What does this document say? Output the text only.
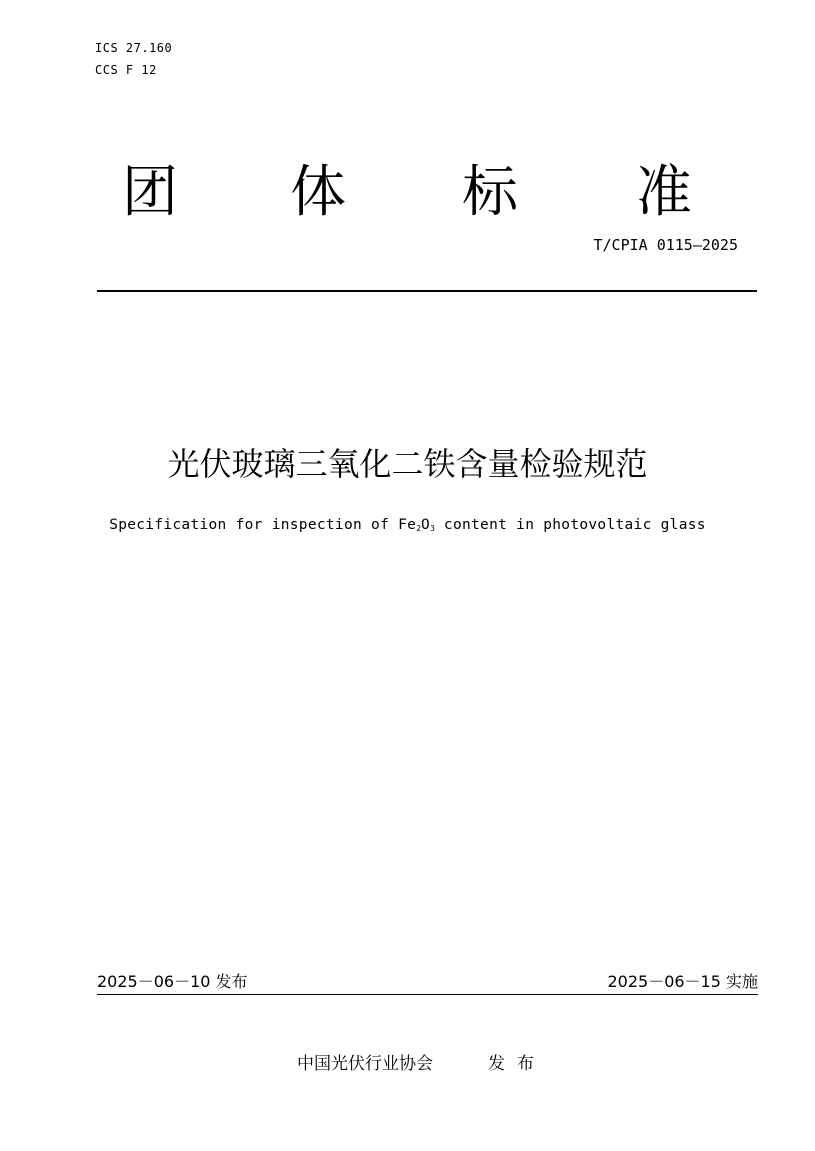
ICS 27.160
CCS F 12
团 体 标 准
T/CPIA 0115—2025
光伏玻璃三氧化二铁含量检验规范
Specification for inspection of $Fe_2O_3$ content in photovoltaic glass
2025－06－10 发布	2025－06－15 实施
中国光伏行业协会	发布
